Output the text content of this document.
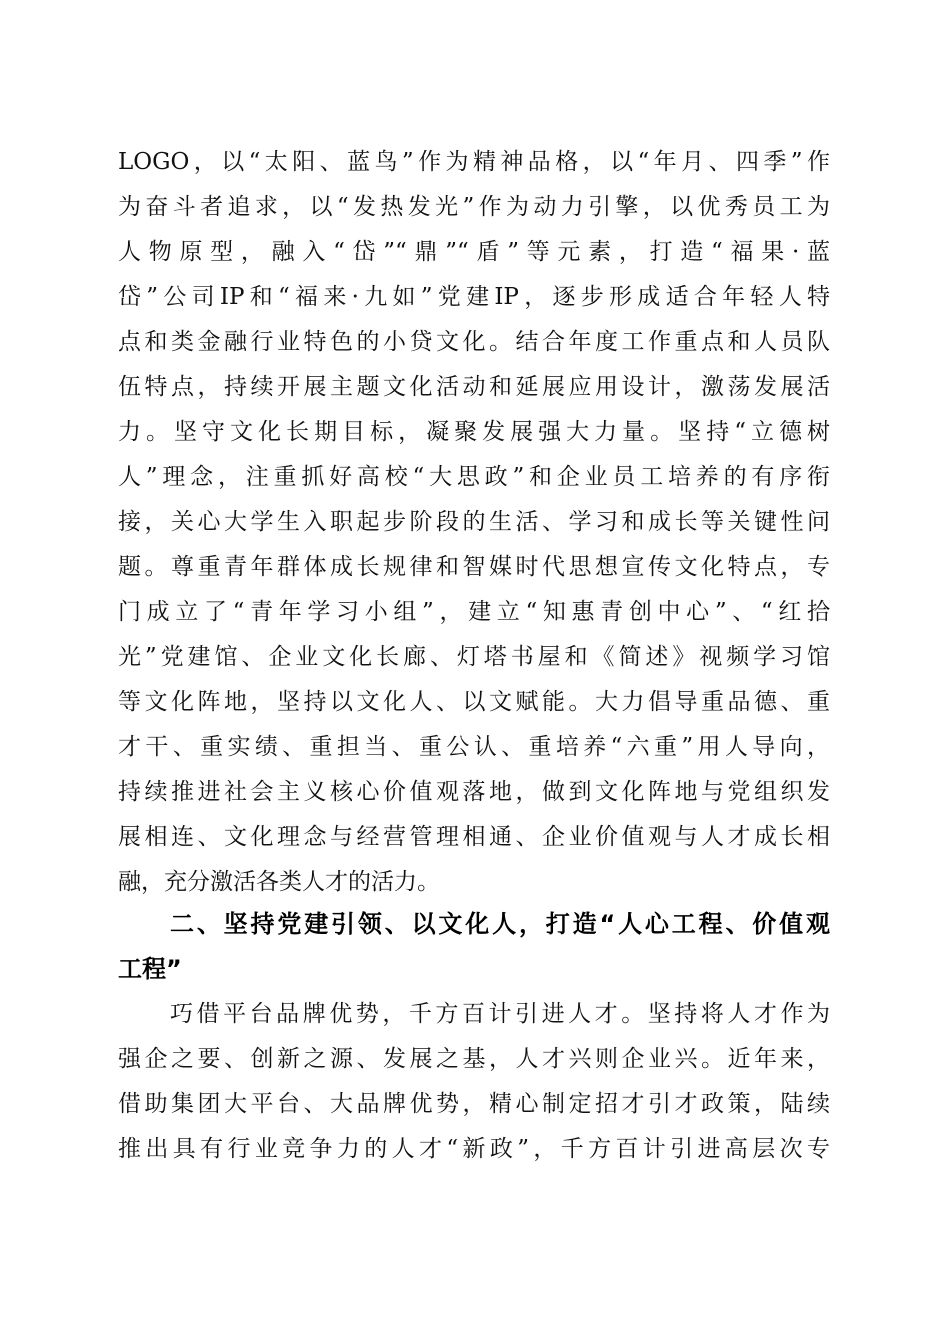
LOGO，以“太阳、蓝鸟”作为精神品格，以“年月、四季”作
为奋斗者追求，以“发热发光”作为动力引擎，以优秀员工为
人物原型，融入“岱”“鼎”“盾”等元素，打造“福果·蓝
岱”公司IP和“福来·九如”党建IP，逐步形成适合年轻人特
点和类金融行业特色的小贷文化。结合年度工作重点和人员队
伍特点，持续开展主题文化活动和延展应用设计，激荡发展活
力。坚守文化长期目标，凝聚发展强大力量。坚持“立德树
人”理念，注重抓好高校“大思政”和企业员工培养的有序衔
接，关心大学生入职起步阶段的生活、学习和成长等关键性问
题。尊重青年群体成长规律和智媒时代思想宣传文化特点，专
门成立了“青年学习小组”，建立“知惠青创中心”、“红拾
光”党建馆、企业文化长廊、灯塔书屋和《简述》视频学习馆
等文化阵地，坚持以文化人、以文赋能。大力倡导重品德、重
才干、重实绩、重担当、重公认、重培养“六重”用人导向，
持续推进社会主义核心价值观落地，做到文化阵地与党组织发
展相连、文化理念与经营管理相通、企业价值观与人才成长相
融，充分激活各类人才的活力。
二、坚持党建引领、以文化人，打造“人心工程、价值观
工程”
巧借平台品牌优势，千方百计引进人才。坚持将人才作为
强企之要、创新之源、发展之基，人才兴则企业兴。近年来，
借助集团大平台、大品牌优势，精心制定招才引才政策，陆续
推出具有行业竞争力的人才“新政”，千方百计引进高层次专
